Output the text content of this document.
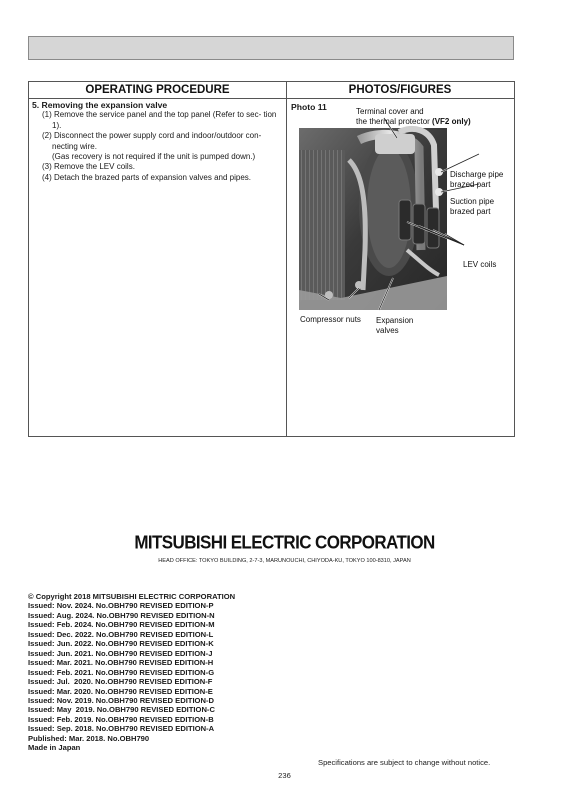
OPERATING PROCEDURE	PHOTOS/FIGURES
5. Removing the expansion valve
(1) Remove the service panel and the top panel (Refer to sec- tion 1).
(2) Disconnect the power supply cord and indoor/outdoor con- necting wire.
(Gas recovery is not required if the unit is pumped down.)
(3) Remove the LEV coils.
(4) Detach the brazed parts of expansion valves and pipes.
Photo 11	Terminal cover and
the thermal protector (VF2 only)
Discharge pipe
brazed part
Suction pipe
brazed part
LEV coils
Compressor nuts Expansion
valves
MITSUBISHI ELECTRIC CORPORATION
HEAD OFFICE: TOKYO BUILDING, 2-7-3, MARUNOUCHI, CHIYODA-KU, TOKYO 100-8310, JAPAN
© Copyright 2018 MITSUBISHI ELECTRIC CORPORATION
Issued: Nov. 2024. No.OBH790 REVISED EDITION-P
Issued: Aug. 2024. No.OBH790 REVISED EDITION-N
Issued: Feb. 2024. No.OBH790 REVISED EDITION-M
Issued: Dec. 2022. No.OBH790 REVISED EDITION-L
Issued: Jun. 2022. No.OBH790 REVISED EDITION-K
Issued: Jun. 2021. No.OBH790 REVISED EDITION-J
Issued: Mar. 2021. No.OBH790 REVISED EDITION-H
Issued: Feb. 2021. No.OBH790 REVISED EDITION-G
Issued: Jul.  2020. No.OBH790 REVISED EDITION-F
Issued: Mar. 2020. No.OBH790 REVISED EDITION-E
Issued: Nov. 2019. No.OBH790 REVISED EDITION-D
Issued: May  2019. No.OBH790 REVISED EDITION-C
Issued: Feb. 2019. No.OBH790 REVISED EDITION-B
Issued: Sep. 2018. No.OBH790 REVISED EDITION-A
Published: Mar. 2018. No.OBH790
Made in Japan
Specifications are subject to change without notice.
236
